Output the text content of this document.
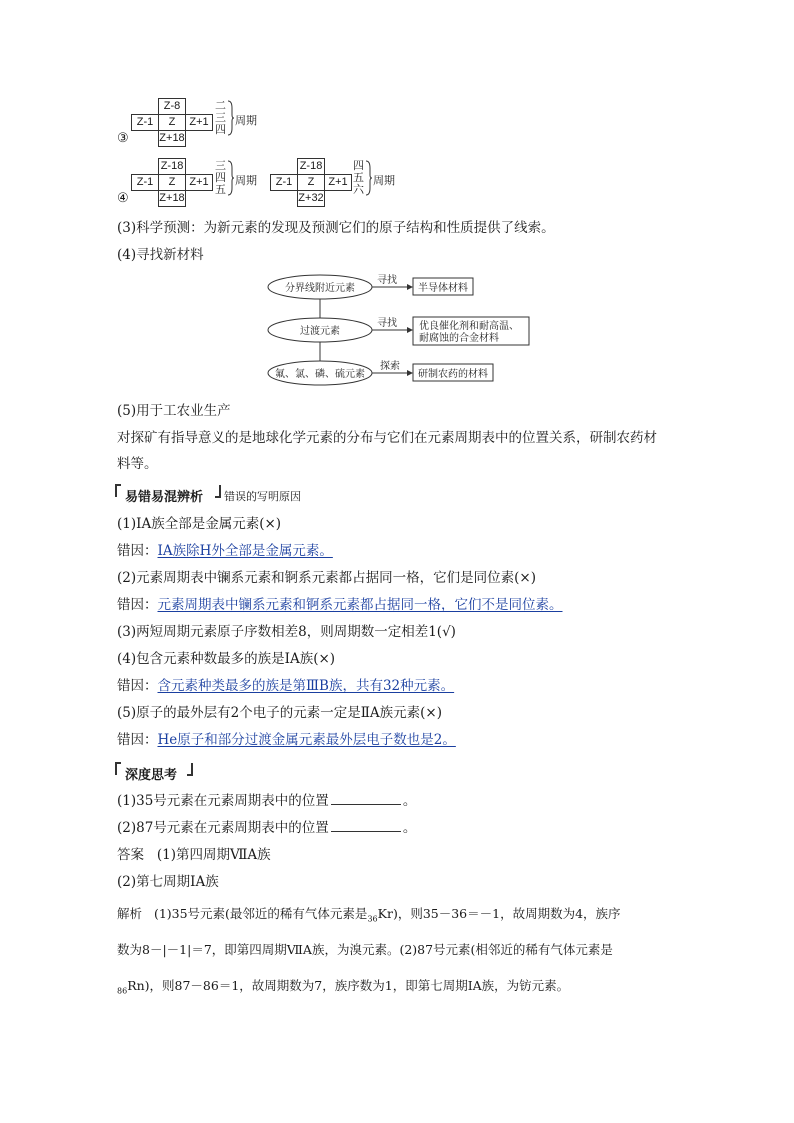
③
	Z-8	
Z-1	Z	Z+1
	Z+18	
二
三
四
周期
④
	Z-18	
Z-1	Z	Z+1
	Z+18	
三
四
五
周期
	Z-18	
Z-1	Z	Z+1
	Z+32	
四
五
六
周期
(3)科学预测：为新元素的发现及预测它们的原子结构和性质提供了线索。
(4)寻找新材料
分界线附近元素
寻找
半导体材料
过渡元素
寻找 优良催化剂和耐高温、
耐腐蚀的合金材料
氟、氯、磷、硫元素
探索
研制农药的材料
(5)用于工农业生产
对探矿有指导意义的是地球化学元素的分布与它们在元素周期表中的位置关系，研制农药材
料等。
易错易混辨析 错误的写明原因
(1)ⅠA族全部是金属元素(×)
错因：ⅠA族除H外全部是金属元素。
(2)元素周期表中镧系元素和锕系元素都占据同一格，它们是同位素(×)
错因：元素周期表中镧系元素和锕系元素都占据同一格，它们不是同位素。
(3)两短周期元素原子序数相差8，则周期数一定相差1(√)
(4)包含元素种数最多的族是ⅠA族(×)
错因：含元素种类最多的族是第ⅢB族，共有32种元素。
(5)原子的最外层有2个电子的元素一定是ⅡA族元素(×)
错因：He原子和部分过渡金属元素最外层电子数也是2。
深度思考
(1)35号元素在元素周期表中的位置	。
(2)87号元素在元素周期表中的位置	。
答案 (1)第四周期ⅦA族
(2)第七周期ⅠA族
解析 (1)35号元素(最邻近的稀有气体元素是$_{36}$Kr)，则35－36＝－1，故周期数为4，族序
数为8－|－1|＝7，即第四周期ⅦA族，为溴元素。(2)87号元素(相邻近的稀有气体元素是
$_{86}$Rn)，则87－86＝1，故周期数为7，族序数为1，即第七周期ⅠA族，为钫元素。
